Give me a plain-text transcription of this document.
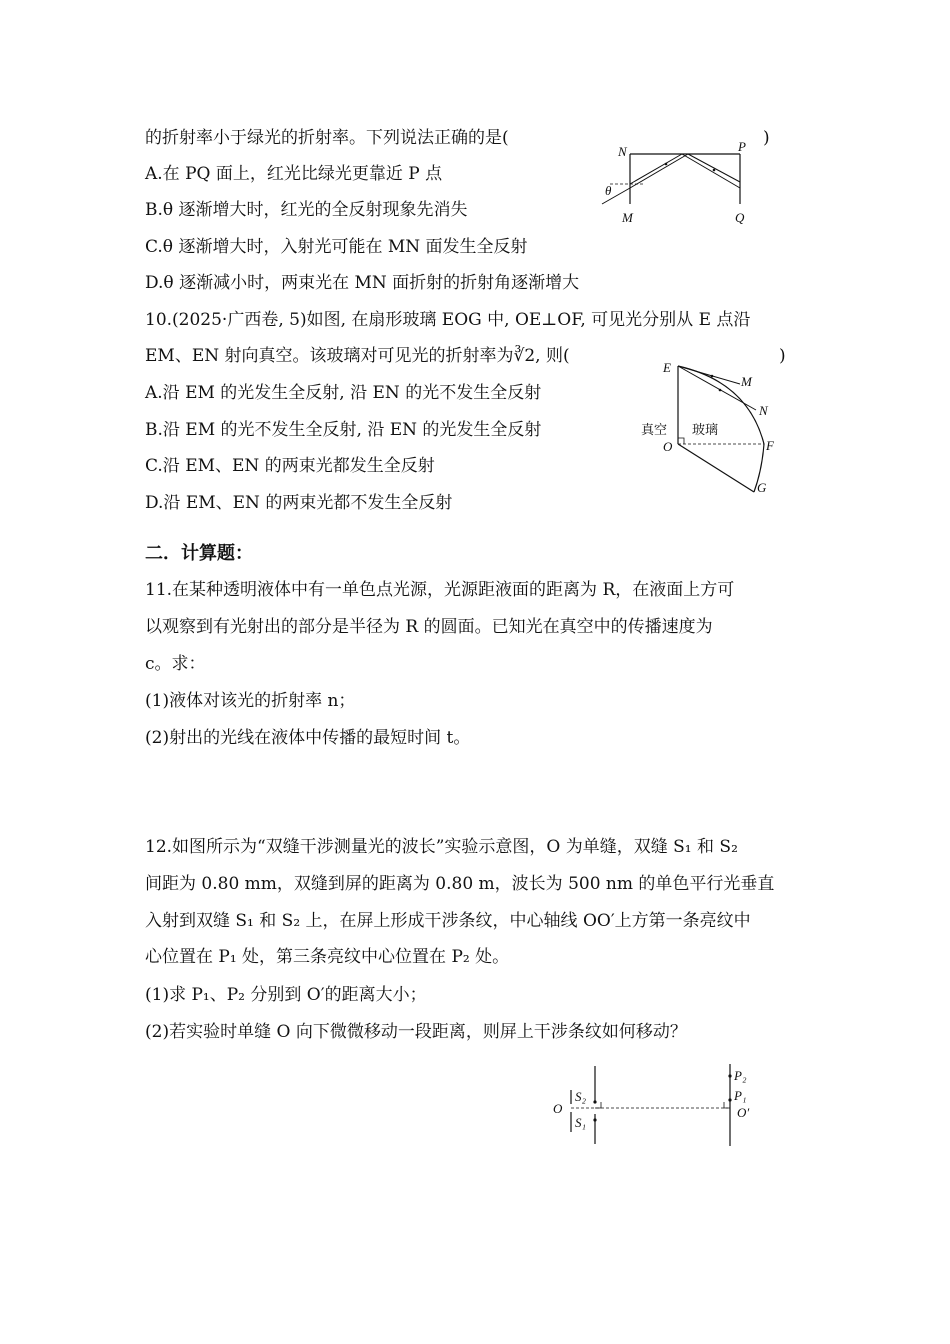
的折射率小于绿光的折射率。下列说法正确的是(	)
A.在 PQ 面上，红光比绿光更靠近 P 点
B.θ 逐渐增大时，红光的全反射现象先消失
C.θ 逐渐增大时，入射光可能在 MN 面发生全反射
D.θ 逐渐减小时，两束光在 MN 面折射的折射角逐渐增大
N	P
M	Q
θ
10.(2025·广西卷, 5)如图, 在扇形玻璃 EOG 中, OE⊥OF, 可见光分别从 E 点沿
EM、EN 射向真空。该玻璃对可见光的折射率为∛2, 则(	)
A.沿 EM 的光发生全反射, 沿 EN 的光不发生全反射
B.沿 EM 的光不发生全反射, 沿 EN 的光发生全反射
C.沿 EM、EN 的两束光都发生全反射
D.沿 EM、EN 的两束光都不发生全反射
E
M
N
O	F
G
真空 玻璃
二．计算题：
11.在某种透明液体中有一单色点光源，光源距液面的距离为 R，在液面上方可
以观察到有光射出的部分是半径为 R 的圆面。已知光在真空中的传播速度为
c。求：
(1)液体对该光的折射率 n；
(2)射出的光线在液体中传播的最短时间 t。
12.如图所示为“双缝干涉测量光的波长”实验示意图，O 为单缝，双缝 S₁ 和 S₂
间距为 0.80 mm，双缝到屏的距离为 0.80 m，波长为 500 nm 的单色平行光垂直
入射到双缝 S₁ 和 S₂ 上，在屏上形成干涉条纹，中心轴线 OO′上方第一条亮纹中
心位置在 P₁ 处，第三条亮纹中心位置在 P₂ 处。
(1)求 P₁、P₂ 分别到 O′的距离大小；
(2)若实验时单缝 O 向下微微移动一段距离，则屏上干涉条纹如何移动？
O
S₂
S₁
P₂
P₁
O′
